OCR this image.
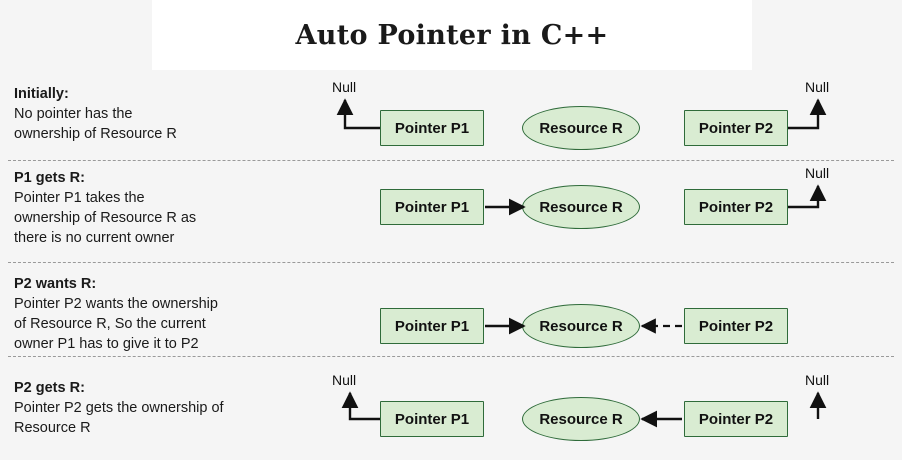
Auto Pointer in C++
Initially:
No pointer has the
ownership of Resource R
Null	Null
Pointer P1	Resource R	Pointer P2
P1 gets R:
Pointer P1 takes the
ownership of Resource R as
there is no current owner
Null
Pointer P1	Resource R	Pointer P2
P2 wants R:
Pointer P2 wants the ownership
of Resource R, So the current
owner P1 has to give it to P2
Pointer P1	Resource R	Pointer P2
P2 gets R:
Pointer P2 gets the ownership of
Resource R
Null	Null
Pointer P1	Resource R	Pointer P2
